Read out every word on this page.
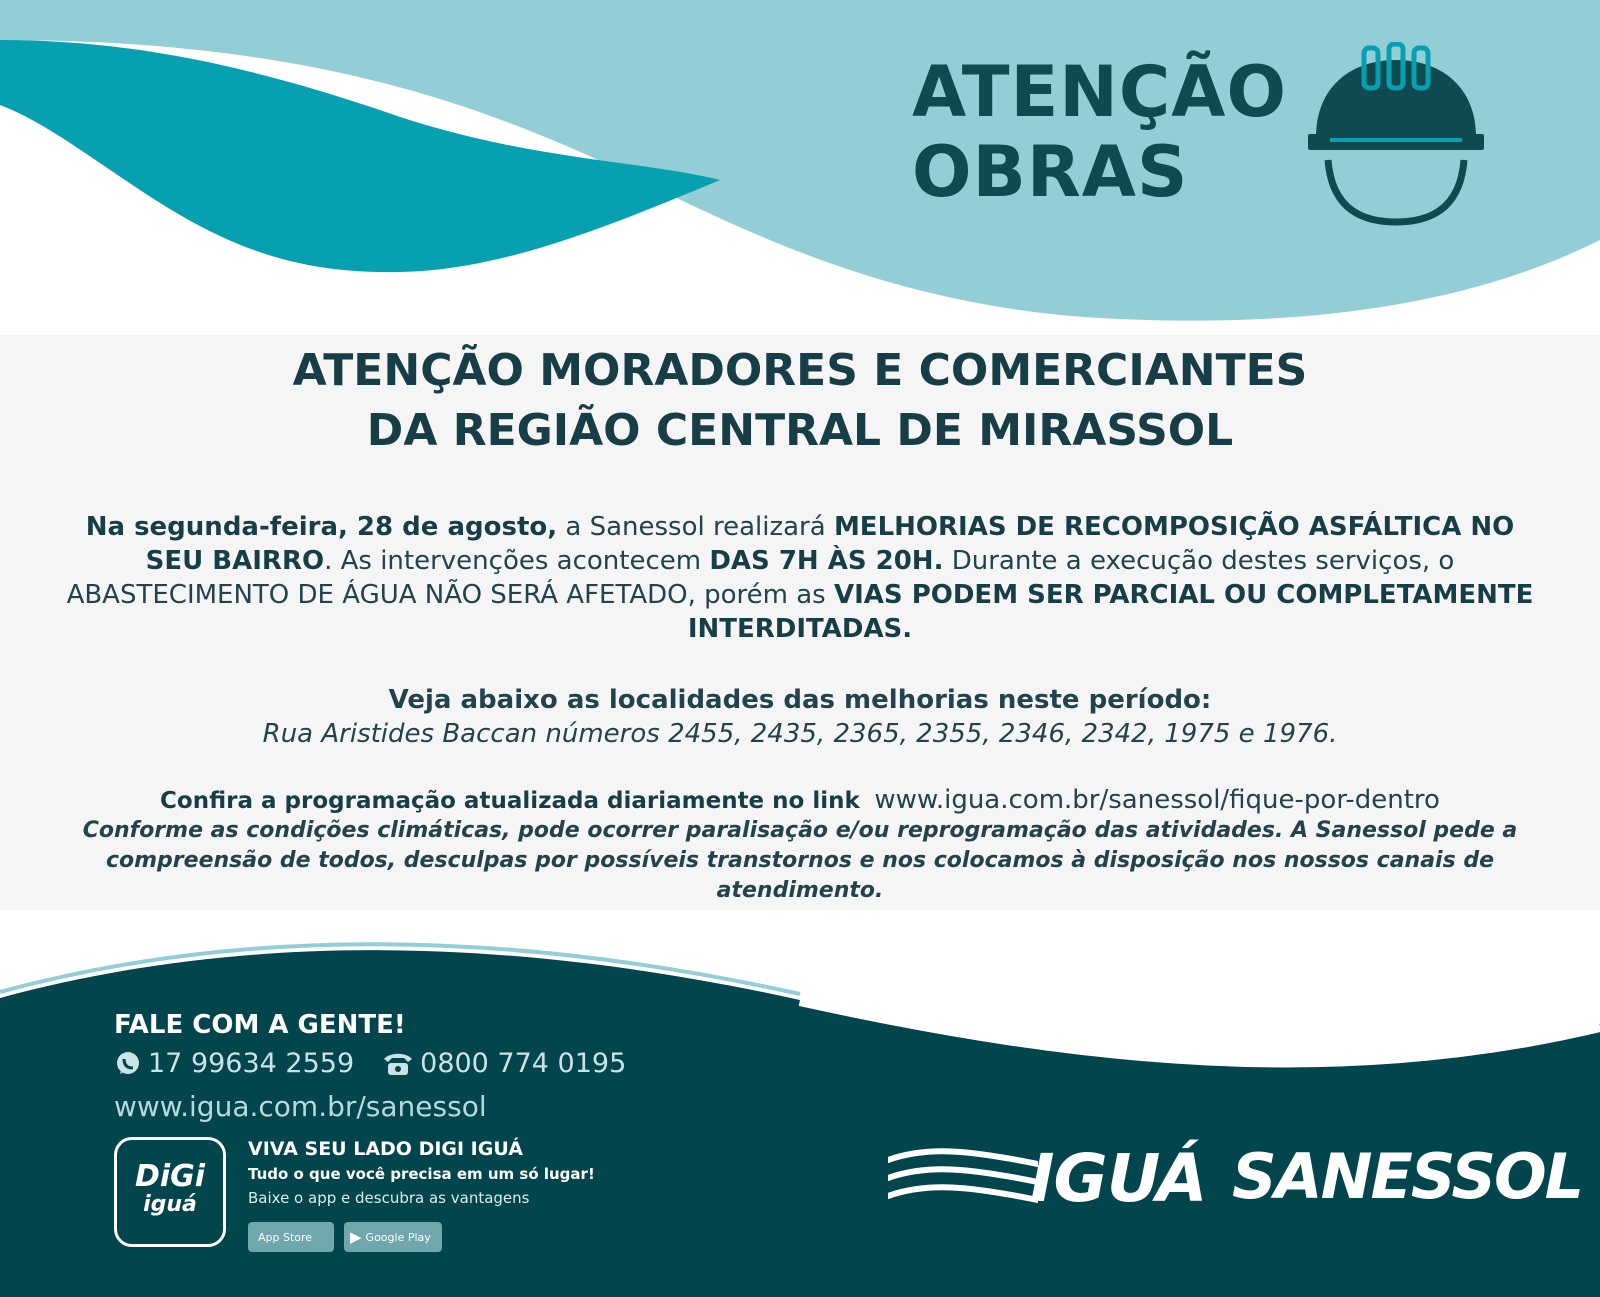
ATENÇÃO
OBRAS
ATENÇÃO MORADORES E COMERCIANTES
DA REGIÃO CENTRAL DE MIRASSOL
Na segunda-feira, 28 de agosto, a Sanessol realizará MELHORIAS DE RECOMPOSIÇÃO ASFÁLTICA NO SEU BAIRRO. As intervenções acontecem DAS 7H ÀS 20H. Durante a execução destes serviços, o ABASTECIMENTO DE ÁGUA NÃO SERÁ AFETADO, porém as VIAS PODEM SER PARCIAL OU COMPLETAMENTE INTERDITADAS.
Veja abaixo as localidades das melhorias neste período:
Rua Aristides Baccan números 2455, 2435, 2365, 2355, 2346, 2342, 1975 e 1976.
Confira a programação atualizada diariamente no link www.igua.com.br/sanessol/fique-por-dentro
Conforme as condições climáticas, pode ocorrer paralisação e/ou reprogramação das atividades. A Sanessol pede a compreensão de todos, desculpas por possíveis transtornos e nos colocamos à disposição nos nossos canais de atendimento.
FALE COM A GENTE!
17 99634 2559 0800 774 0195
www.igua.com.br/sanessol
DiGi
iguá
VIVA SEU LADO DIGI IGUÁ
Tudo o que você precisa em um só lugar!
Baixe o app e descubra as vantagens
App Store	▶ Google Play
IGUÁ SANESSOL
